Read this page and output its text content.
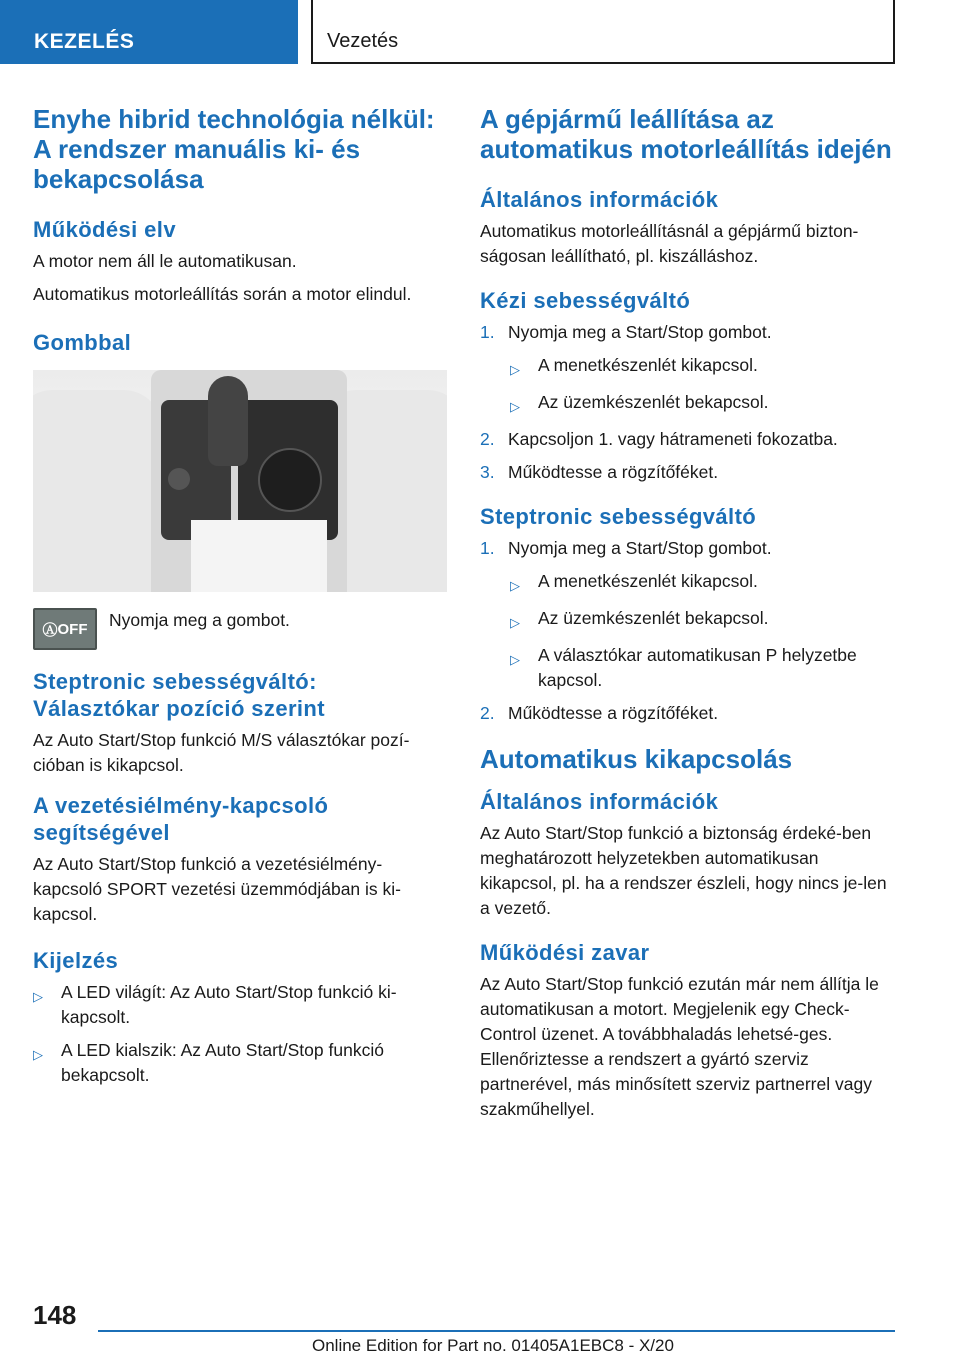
KEZELÉS	Vezetés
Enyhe hibrid technológia nélkül: A rendszer manuális ki- és bekapcsolása
Működési elv
A motor nem áll le automatikusan.
Automatikus motorleállítás során a motor elindul.
Gombbal
Ⓐ OFF Nyomja meg a gombot.
Steptronic sebességváltó: Választókar pozíció szerint
Az Auto Start/Stop funkció M/S választókar pozí-cióban is kikapcsol.
A vezetésiélmény-kapcsoló segítségével
Az Auto Start/Stop funkció a vezetésiélmény-kapcsoló SPORT vezetési üzemmódjában is ki-kapcsol.
Kijelzés
▷	A LED világít: Az Auto Start/Stop funkció ki-kapcsolt.
▷	A LED kialszik: Az Auto Start/Stop funkció bekapcsolt.
A gépjármű leállítása az automatikus motorleállítás idején
Általános információk
Automatikus motorleállításnál a gépjármű bizton-ságosan leállítható, pl. kiszálláshoz.
Kézi sebességváltó
1. Nyomja meg a Start/Stop gombot.
▷	A menetkészenlét kikapcsol.
▷	Az üzemkészenlét bekapcsol.
2. Kapcsoljon 1. vagy hátrameneti fokozatba.
3. Működtesse a rögzítőféket.
Steptronic sebességváltó
1. Nyomja meg a Start/Stop gombot.
▷	A menetkészenlét kikapcsol.
▷	Az üzemkészenlét bekapcsol.
▷	A választókar automatikusan P helyzetbe kapcsol.
2. Működtesse a rögzítőféket.
Automatikus kikapcsolás
Általános információk
Az Auto Start/Stop funkció a biztonság érdeké-ben meghatározott helyzetekben automatikusan kikapcsol, pl. ha a rendszer észleli, hogy nincs je-len a vezető.
Működési zavar
Az Auto Start/Stop funkció ezután már nem állítja le automatikusan a motort. Megjelenik egy Check-Control üzenet. A továbbhaladás lehetsé-ges. Ellenőriztesse a rendszert a gyártó szerviz partnerével, más minősített szerviz partnerrel vagy szakműhellyel.
148
Online Edition for Part no. 01405A1EBC8 - X/20
